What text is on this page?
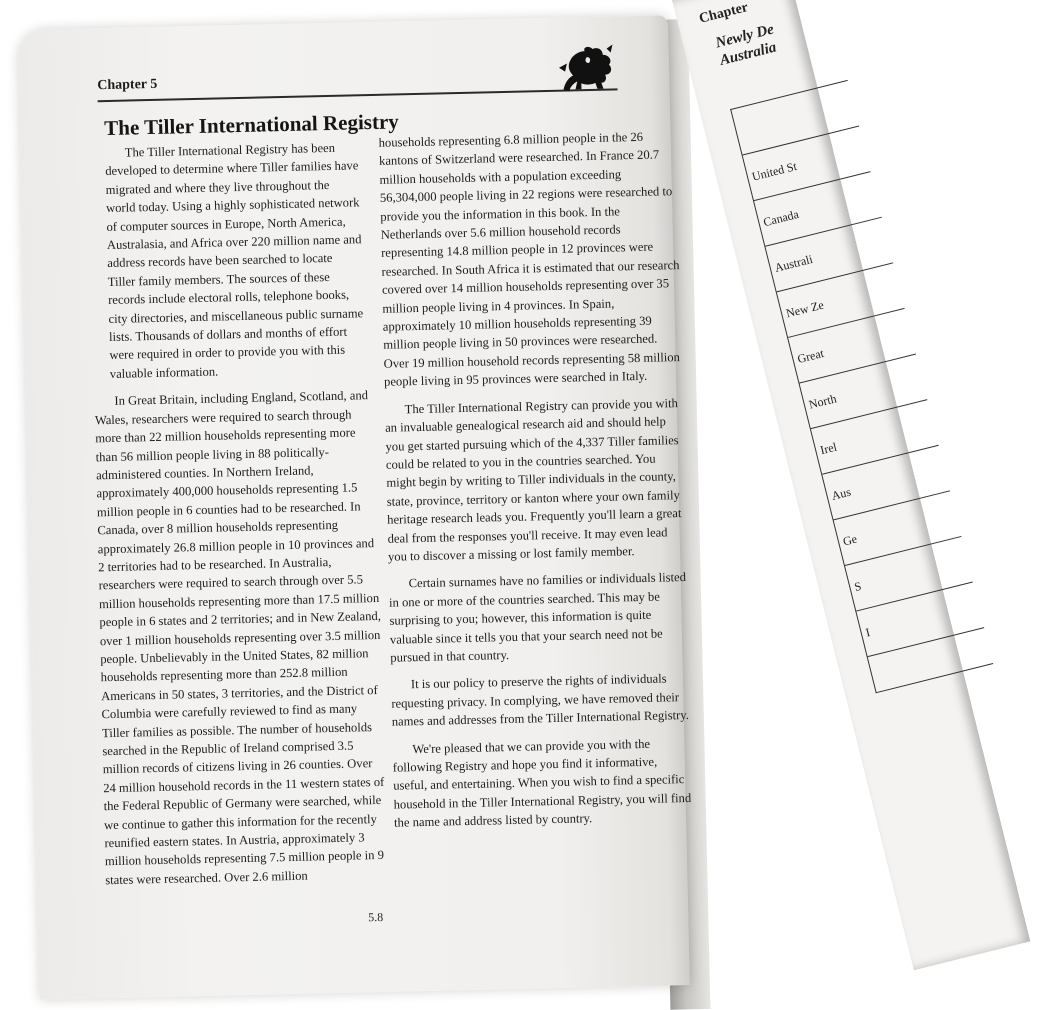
Chapter
Newly De Australia
United St
Canada
Australi
New Ze
Great
North
Irel
Aus
Ge
S
I
Chapter 5
The Tiller International Registry

The Tiller International Registry has been developed to determine where Tiller families have migrated and where they live throughout the world today. Using a highly sophisticated network of computer sources in Europe, North America, Australasia, and Africa over 220 million name and address records have been searched to locate Tiller family members. The sources of these records include electoral rolls, telephone books, city directories, and miscellaneous public surname lists. Thousands of dollars and months of effort were required in order to provide you with this valuable information.

In Great Britain, including England, Scotland, and Wales, researchers were required to search through more than 22 million households representing more than 56 million people living in 88 politically-administered counties. In Northern Ireland, approximately 400,000 households representing 1.5 million people in 6 counties had to be researched. In Canada, over 8 million households representing approximately 26.8 million people in 10 provinces and 2 territories had to be researched. In Australia, researchers were required to search through over 5.5 million households representing more than 17.5 million people in 6 states and 2 territories; and in New Zealand, over 1 million households representing over 3.5 million people. Unbelievably in the United States, 82 million households representing more than 252.8 million Americans in 50 states, 3 territories, and the District of Columbia were carefully reviewed to find as many Tiller families as possible. The number of households searched in the Republic of Ireland comprised 3.5 million records of citizens living in 26 counties. Over 24 million household records in the 11 western states of the Federal Republic of Germany were searched, while we continue to gather this information for the recently reunified eastern states. In Austria, approximately 3 million households representing 7.5 million people in 9 states were researched. Over 2.6 million

households representing 6.8 million people in the 26 kantons of Switzerland were researched. In France 20.7 million households with a population exceeding 56,304,000 people living in 22 regions were researched to provide you the information in this book. In the Netherlands over 5.6 million household records representing 14.8 million people in 12 provinces were researched. In South Africa it is estimated that our research covered over 14 million households representing over 35 million people living in 4 provinces. In Spain, approximately 10 million households representing 39 million people living in 50 provinces were researched. Over 19 million household records representing 58 million people living in 95 provinces were searched in Italy.

The Tiller International Registry can provide you with an invaluable genealogical research aid and should help you get started pursuing which of the 4,337 Tiller families could be related to you in the countries searched. You might begin by writing to Tiller individuals in the county, state, province, territory or kanton where your own family heritage research leads you. Frequently you'll learn a great deal from the responses you'll receive. It may even lead you to discover a missing or lost family member.

Certain surnames have no families or individuals listed in one or more of the countries searched. This may be surprising to you; however, this information is quite valuable since it tells you that your search need not be pursued in that country.

It is our policy to preserve the rights of individuals requesting privacy. In complying, we have removed their names and addresses from the Tiller International Registry.

We're pleased that we can provide you with the following Registry and hope you find it informative, useful, and entertaining. When you wish to find a specific household in the Tiller International Registry, you will find the name and address listed by country.

5.8
